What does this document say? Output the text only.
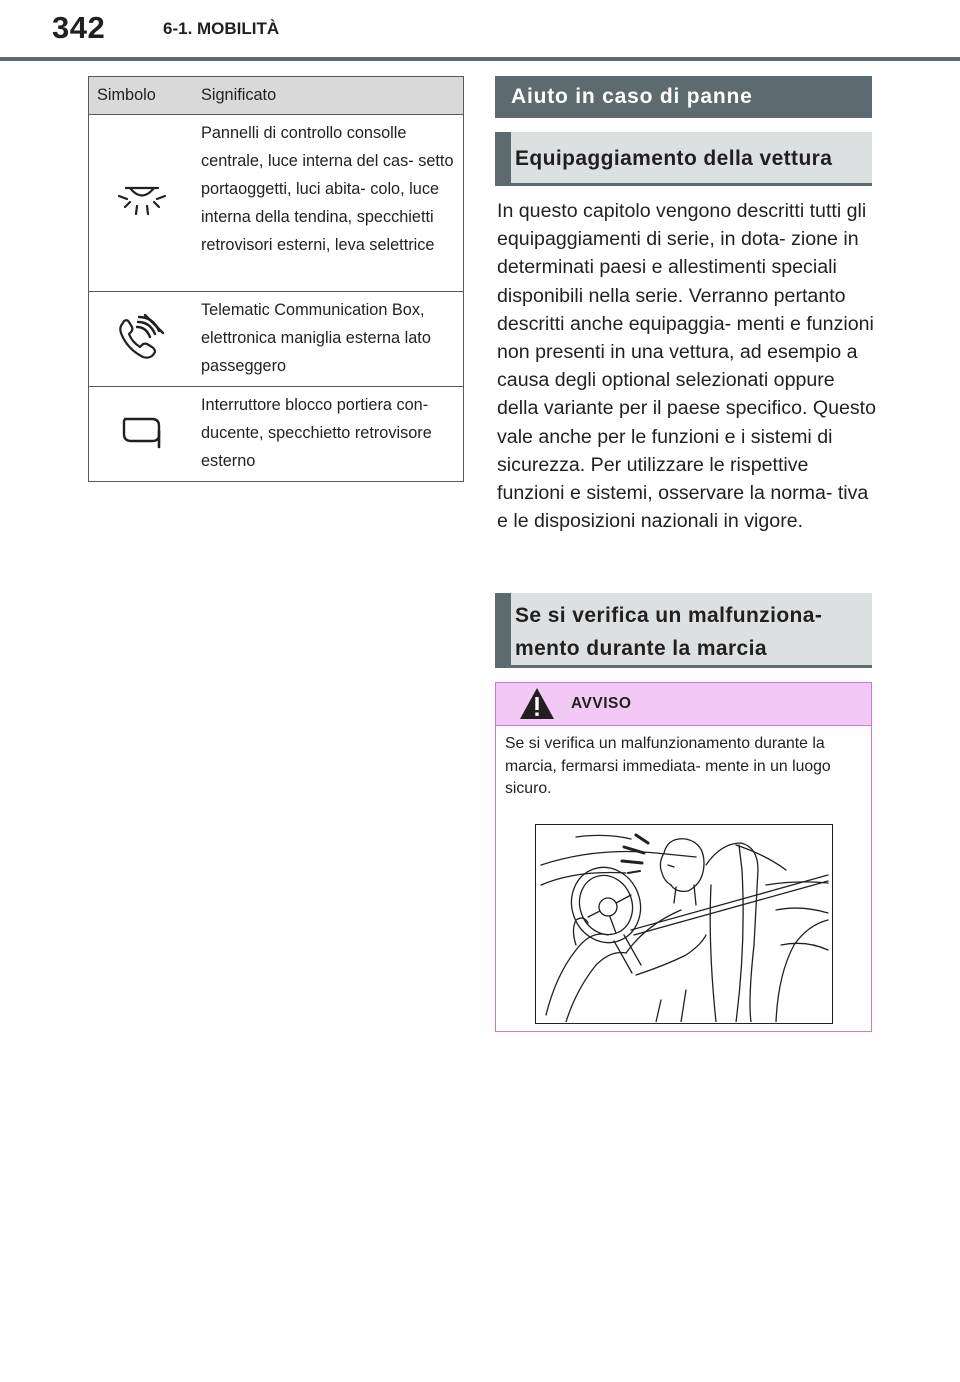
342	6-1. MOBILITÀ
Simbolo	Significato
	Pannelli di controllo consolle centrale, luce interna del cas- setto portaoggetti, luci abita- colo, luce interna della tendina, specchietti retrovisori esterni, leva selettrice
	Telematic Communication Box, elettronica maniglia esterna lato passeggero
	Interruttore blocco portiera con- ducente, specchietto retrovisore esterno
Aiuto in caso di panne
Equipaggiamento della vettura
In questo capitolo vengono descritti tutti gli equipaggiamenti di serie, in dota- zione in determinati paesi e allestimenti speciali disponibili nella serie. Verranno pertanto descritti anche equipaggia- menti e funzioni non presenti in una vettura, ad esempio a causa degli optional selezionati oppure della variante per il paese specifico. Questo vale anche per le funzioni e i sistemi di sicurezza. Per utilizzare le rispettive funzioni e sistemi, osservare la norma- tiva e le disposizioni nazionali in vigore.
Se si verifica un malfunziona- mento durante la marcia
AVVISO
Se si verifica un malfunzionamento durante la marcia, fermarsi immediata- mente in un luogo sicuro.
